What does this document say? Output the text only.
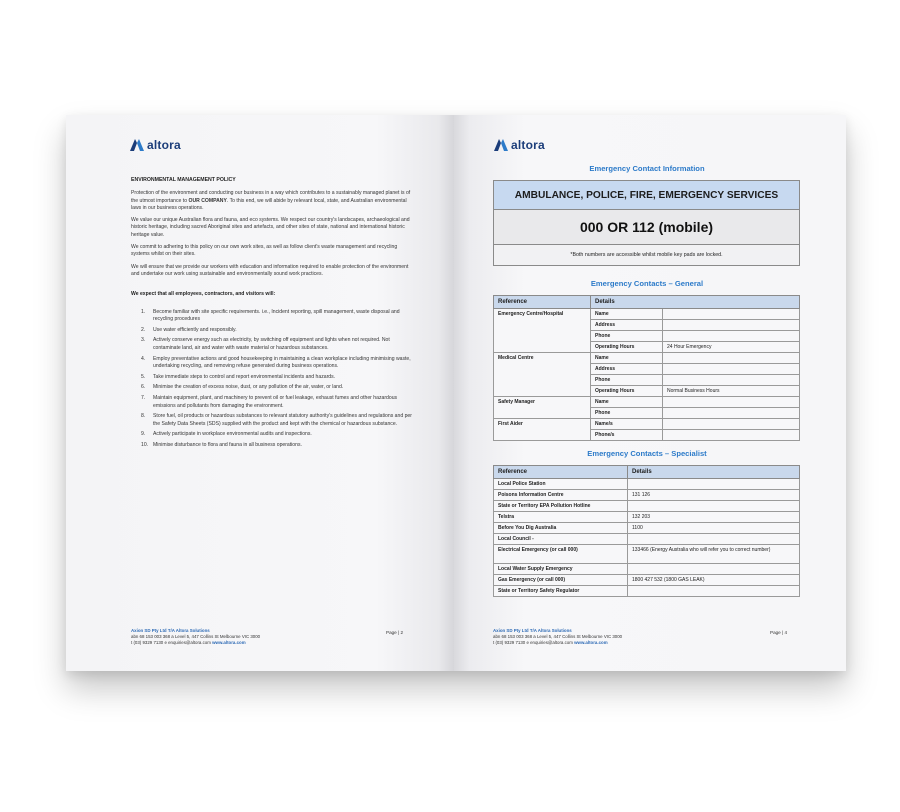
altora
ENVIRONMENTAL MANAGEMENT POLICY

Protection of the environment and conducting our business in a way which contributes to a sustainably managed planet is of the utmost importance to OUR COMPANY. To this end, we will abide by relevant local, state, and Australian environmental laws in our business operations.

We value our unique Australian flora and fauna, and eco systems. We respect our country's landscapes, archaeological and historic heritage, including sacred Aboriginal sites and artefacts, and other sites of state, national and international historic heritage value.

We commit to adhering to this policy on our own work sites, as well as follow client's waste management and recycling systems whilst on their sites.

We will ensure that we provide our workers with education and information required to enable protection of the environment and undertake our work using sustainable and environmentally sound work practices.

We expect that all employees, contractors, and visitors will:
1. Become familiar with site specific requirements. i.e., Incident reporting, spill management, waste disposal and recycling procedures
2. Use water efficiently and responsibly.
3. Actively conserve energy such as electricity, by switching off equipment and lights when not required. Not contaminate land, air and water with waste material or hazardous substances.
4. Employ preventative actions and good housekeeping in maintaining a clean workplace including minimising waste, undertaking recycling, and removing refuse generated during business operations.
5. Take immediate steps to control and report environmental incidents and hazards.
6. Minimise the creation of excess noise, dust, or any pollution of the air, water, or land.
7. Maintain equipment, plant, and machinery to prevent oil or fuel leakage, exhaust fumes and other hazardous emissions and pollutants from damaging the environment.
8. Store fuel, oil products or hazardous substances to relevant statutory authority's guidelines and regulations and per the Safety Data Sheets (SDS) supplied with the product and kept with the chemical or hazardous substance.
9. Actively participate in workplace environmental audits and inspections.
10. Minimise disturbance to flora and fauna in all business operations.
Axion SD Pty Ltd T/A Altora Solutions
abn 68 153 003 368 a Level 5, 447 Collins St Melbourne VIC 3000
t (03) 9329 7130 e enquiries@altora.com www.altora.com
Page | 2
altora
Emergency Contact Information
AMBULANCE, POLICE, FIRE, EMERGENCY SERVICES
000 OR 112 (mobile)
*Both numbers are accessible whilst mobile key pads are locked.
Emergency Contacts – General
Reference	Details	
Emergency Centre/Hospital	Name	
	Address	
	Phone	
	Operating Hours	24 Hour Emergency
Medical Centre	Name	
	Address	
	Phone	
	Operating Hours	Normal Business Hours
Safety Manager	Name	
	Phone	
First Aider	Name/s	
	Phone/s	
Emergency Contacts – Specialist
Reference	Details
Local Police Station	
Poisons Information Centre	131 126
State or Territory EPA Pollution Hotline	
Telstra	132 203
Before You Dig Australia	1100
Local Council -	
Electrical Emergency (or call 000)	133466 (Energy Australia who will refer you to correct number)
Local Water Supply Emergency	
Gas Emergency (or call 000)	1800 427 532 (1800 GAS LEAK)
State or Territory Safety Regulator	
Axion SD Pty Ltd T/A Altora Solutions
abn 68 153 003 368 a Level 5, 447 Collins St Melbourne VIC 3000
t (03) 9329 7130 e enquiries@altora.com www.altora.com
Page | 4
